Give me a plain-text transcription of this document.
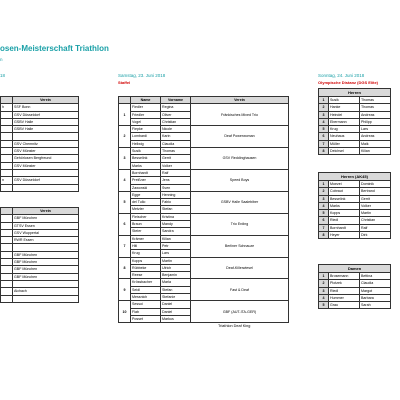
osen-Meisterschaft Triathlon
n
18	Samstag, 23. Juni 2018
Staffel
Sonntag, 24. Juni 2018
Olympische Distanz (DGS Elite)
	Verein
h	SSF Bonn
	GSV Düsseldorf
	GSBV Halle
	GSBV Halle

	GSV Chemnitz
	GSV Münster
	Gehörlosen Bergfreund
	GSV Münster

n	GSV Düsseldorf

	Verein
	GBF München
	GTSV Essen
	GSV Wuppertal
	RWR Essen

	GBF München
	GBF München
	GBF München
	GBF München

	Aichach

	Name	Vorname	Verein
1	Fiedler	Regina	Fränkisches Mixed Trio
	Friedler	Oliver	
	Vogel	Christian	
2	Fiepke	Nicole	Deaf Powerwoman
	Lombardi	Karin	
	Hellwig	Claudia	
3	Susik	Thomas	GSV Reddinghausen
	Besselink	Gerrit	
	Marks	Volker	
4	Bornhardt	Ralf	Speed Boys
	Preißner	Jens	
	Zawonski	Sven	
5	Egge	Henning	GSBV Halle Saalebiber
	del Tullo	Fabio	
	Metzler	Stefan	
6	Fleischer	Kristina	Trio Erding
	Braun	Mandy	
	Steier	Sandra	
7	Krämer	Kilian	Berliner Schnauze
	Hitl	Petr	
	Krug	Lars	
8	Kopps	Martin	Deaf-Killerwiesel
	Rübbeke	Ulrich	
	Reese	Benjamin	
9	Krössbacher	Marla	Fast & Deaf
	Seidl	Stefan	
	Messnich	Stefanie	
10	Sessoi	Daniel	GBF (AUT-ITA-GER)
	Flab	Daniel	
	Posset	Markus	
Triathlon Deaf King
Herren		
1	Susik	Thomas
2	Hanke	Thomas
3	Heindel	Andreas
4	Ebermann	Philipp
5	Krug	Lars
6	Neuhaus	Andreas
7	Müller	Maik
8	Deichsel	Kilian
Herren (AK45)		
1	Moezei	Dominik
2	Cobraut	Bertrand
3	Besselink	Gerrit
4	Marks	Volker
5	Kopps	Martin
6	Riedl	Christian
7	Bornhardt	Ralf
8	Heyer	Dirk
Damen		
1	Brosemann	Bettina
2	Plotzek	Claudia
3	Riedl	Margot
4	Hummer	Barbara
5	Grau	Sarah
